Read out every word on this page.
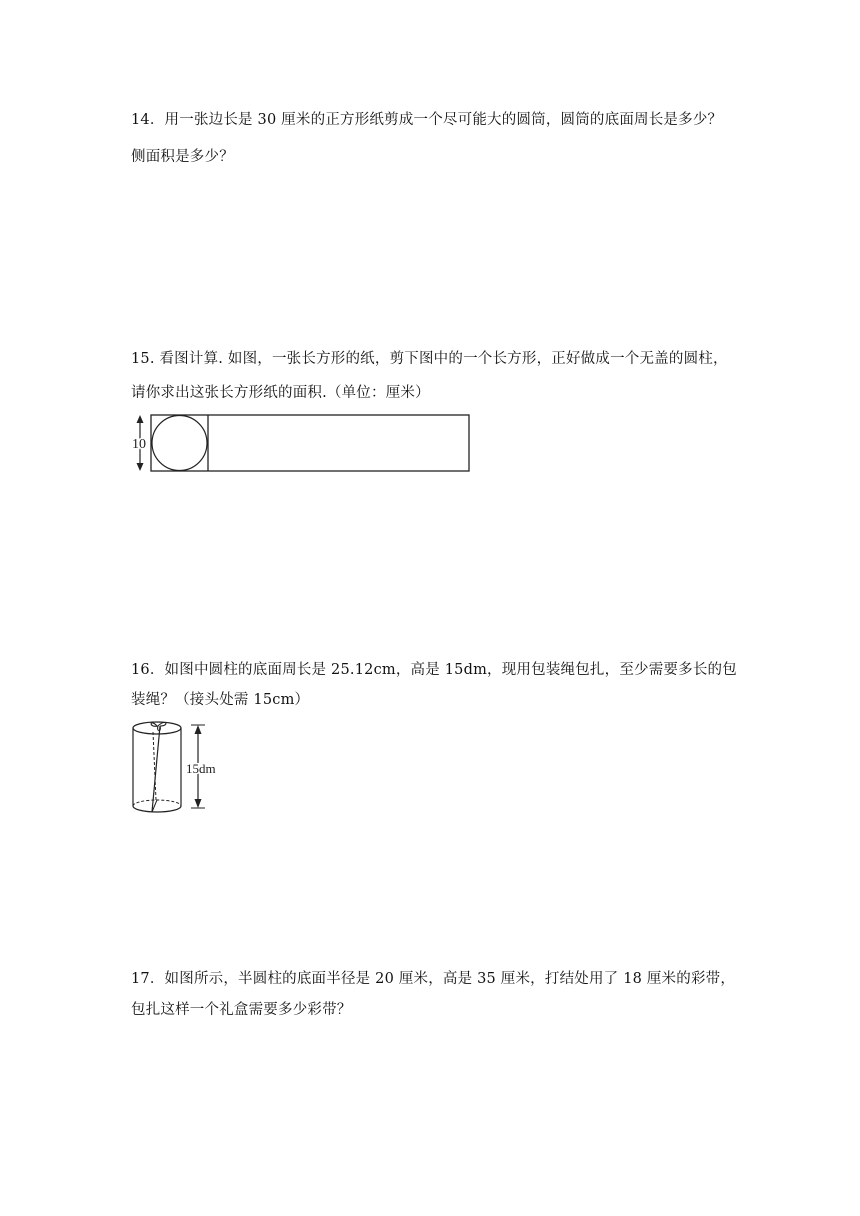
14．用一张边长是 30 厘米的正方形纸剪成一个尽可能大的圆筒，圆筒的底面周长是多少？

侧面积是多少？

15. 看图计算. 如图，一张长方形的纸，剪下图中的一个长方形，正好做成一个无盖的圆柱，

请你求出这张长方形纸的面积.（单位：厘米）

10

16．如图中圆柱的底面周长是 25.12cm，高是 15dm，现用包装绳包扎，至少需要多长的包

装绳？（接头处需 15cm）

15dm

17．如图所示，半圆柱的底面半径是 20 厘米，高是 35 厘米，打结处用了 18 厘米的彩带，

包扎这样一个礼盒需要多少彩带？
